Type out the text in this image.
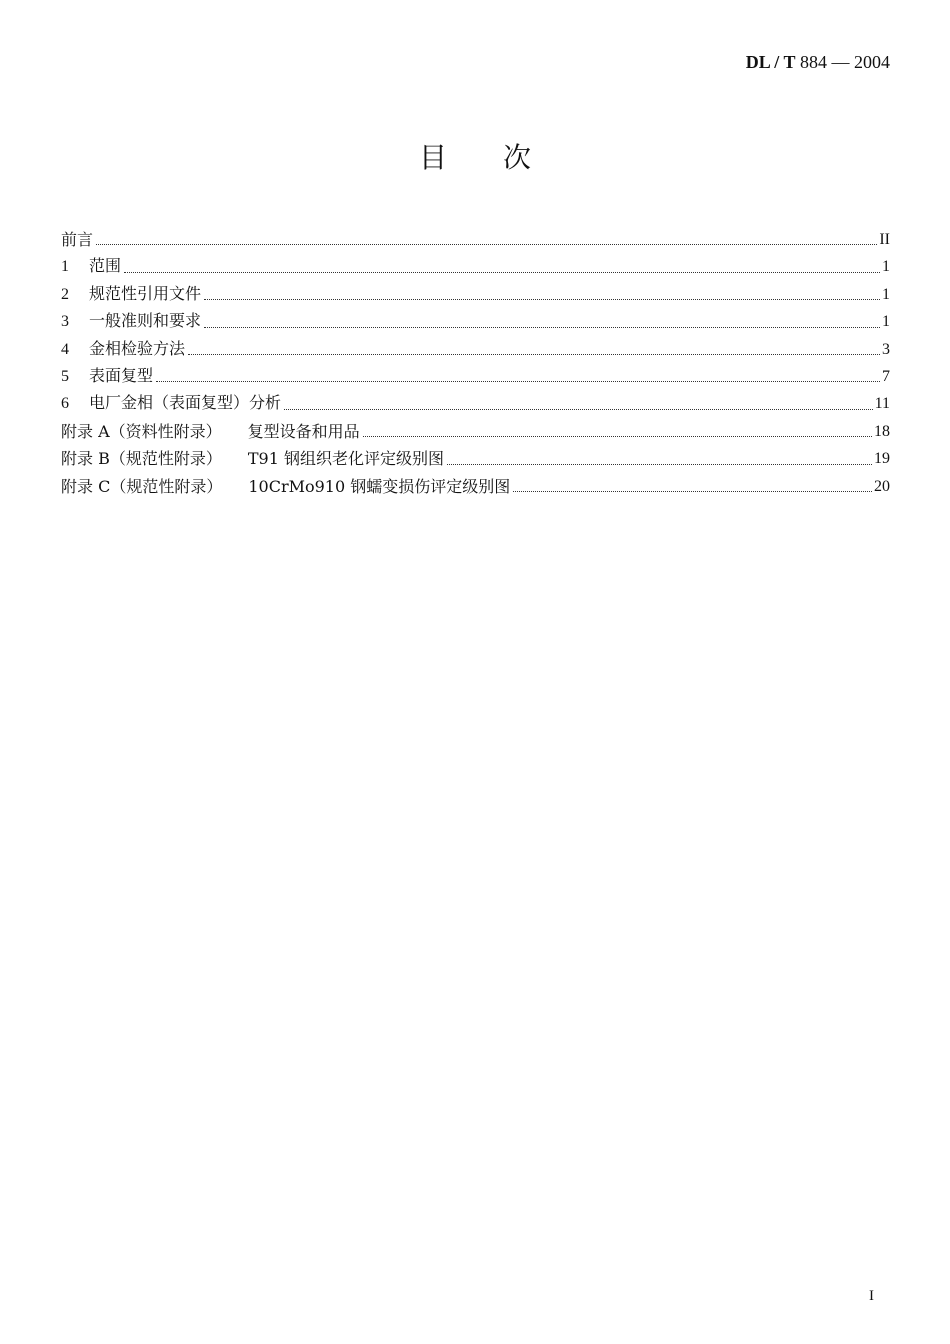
DL / T 884 — 2004
目 次
前言	II
1 范围	1
2 规范性引用文件	1
3 一般准则和要求	1
4 金相检验方法	3
5 表面复型	7
6 电厂金相（表面复型）分析	11
附录 A（资料性附录） 复型设备和用品	18
附录 B（规范性附录） T91 钢组织老化评定级别图	19
附录 C（规范性附录） 10CrMo910 钢蠕变损伤评定级别图	20
I
